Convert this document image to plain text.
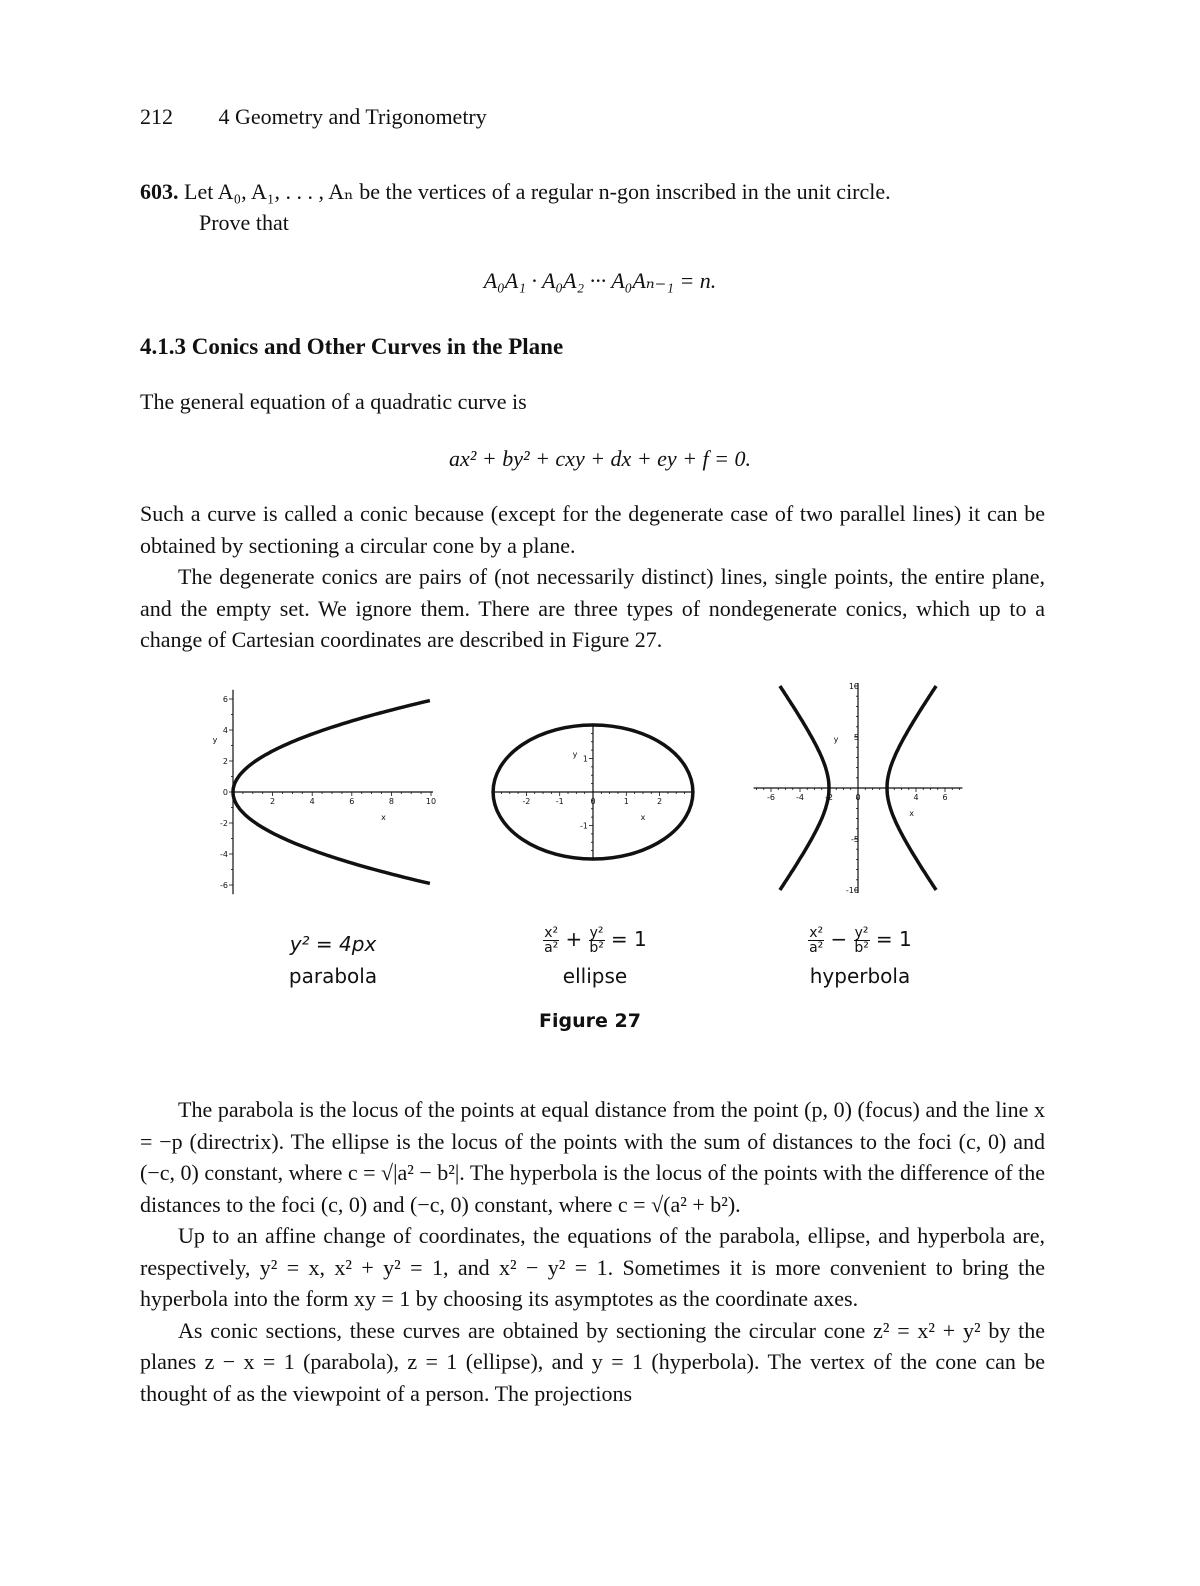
212 4 Geometry and Trigonometry
603. Let A₀, A₁, . . . , Aₙ be the vertices of a regular n-gon inscribed in the unit circle.
Prove that
A₀A₁ · A₀A₂ ··· A₀Aₙ₋₁ = n.
4.1.3 Conics and Other Curves in the Plane

The general equation of a quadratic curve is

ax² + by² + cxy + dx + ey + f = 0.

Such a curve is called a conic because (except for the degenerate case of two parallel lines) it can be obtained by sectioning a circular cone by a plane.

The degenerate conics are pairs of (not necessarily distinct) lines, single points, the entire plane, and the empty set. We ignore them. There are three types of nondegenerate conics, which up to a change of Cartesian coordinates are described in Figure 27.

2	4	6	8	10
6
4
2
0
-2
-4
-6
x
y
-2	-1	0	1	2
1
-1
x
y
-6	-4	-2	0	4	6
10
5
-5
-10
x
y
y² = 4px
parabola
$\frac{\text{x²}}{\text{a²}} + \frac{\text{y²}}{\text{b²}} = 1$
ellipse
$\frac{\text{x²}}{\text{a²}} - \frac{\text{y²}}{\text{b²}} = 1$
hyperbola
Figure 27

The parabola is the locus of the points at equal distance from the point (p, 0) (focus) and the line x = −p (directrix). The ellipse is the locus of the points with the sum of distances to the foci (c, 0) and (−c, 0) constant, where c = √|a² − b²|. The hyperbola is the locus of the points with the difference of the distances to the foci (c, 0) and (−c, 0) constant, where c = √(a² + b²).

Up to an affine change of coordinates, the equations of the parabola, ellipse, and hyperbola are, respectively, y² = x, x² + y² = 1, and x² − y² = 1. Sometimes it is more convenient to bring the hyperbola into the form xy = 1 by choosing its asymptotes as the coordinate axes.

As conic sections, these curves are obtained by sectioning the circular cone z² = x² + y² by the planes z − x = 1 (parabola), z = 1 (ellipse), and y = 1 (hyperbola). The vertex of the cone can be thought of as the viewpoint of a person. The projections
